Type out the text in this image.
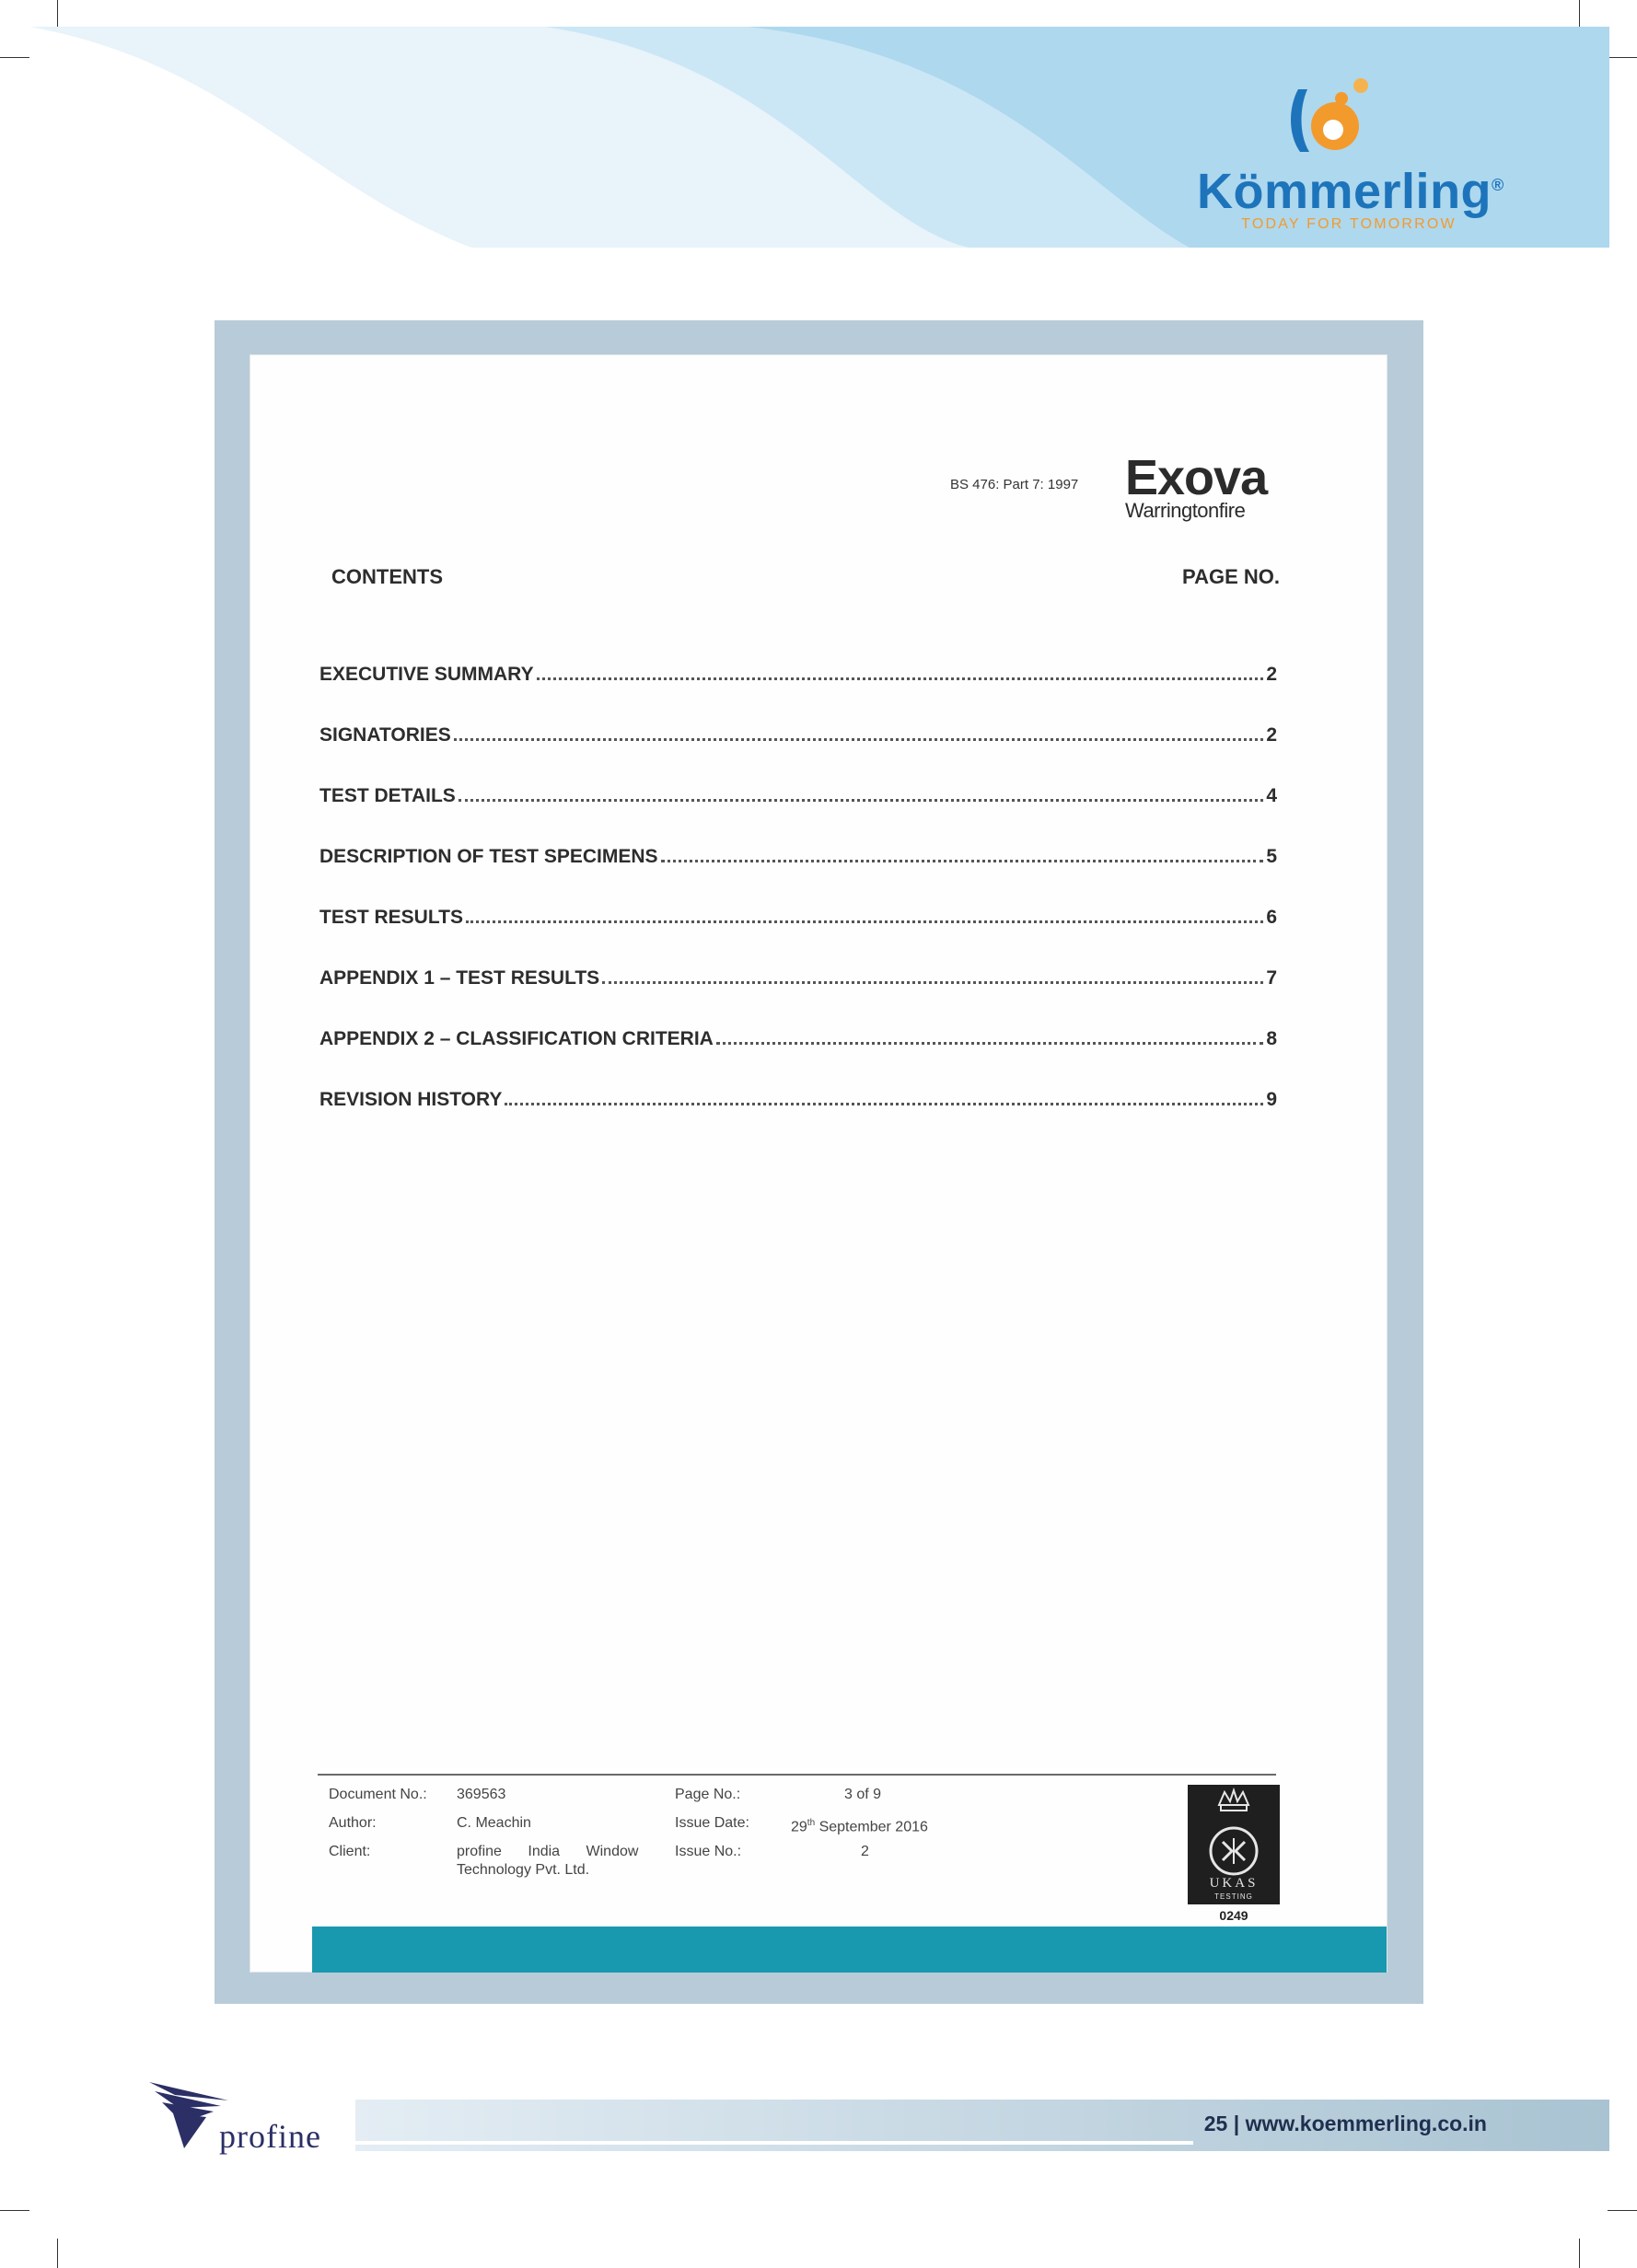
Kömmerling®
TODAY FOR TOMORROW
BS 476: Part 7: 1997 Exova
Warringtonfire
CONTENTS	PAGE NO.
EXECUTIVE SUMMARY	2
SIGNATORIES	2
TEST DETAILS	4
DESCRIPTION OF TEST SPECIMENS	5
TEST RESULTS	6
APPENDIX 1 – TEST RESULTS	7
APPENDIX 2 – CLASSIFICATION CRITERIA	8
REVISION HISTORY	9
Document No.: 369563
Author:	C. Meachin
Client:	profine India Window
Technology Pvt. Ltd.
Page No.:	3 of 9
Issue Date:	29th September 2016
Issue No.:	2
UKAS
TESTING
0249
profine	25 | www.koemmerling.co.in
